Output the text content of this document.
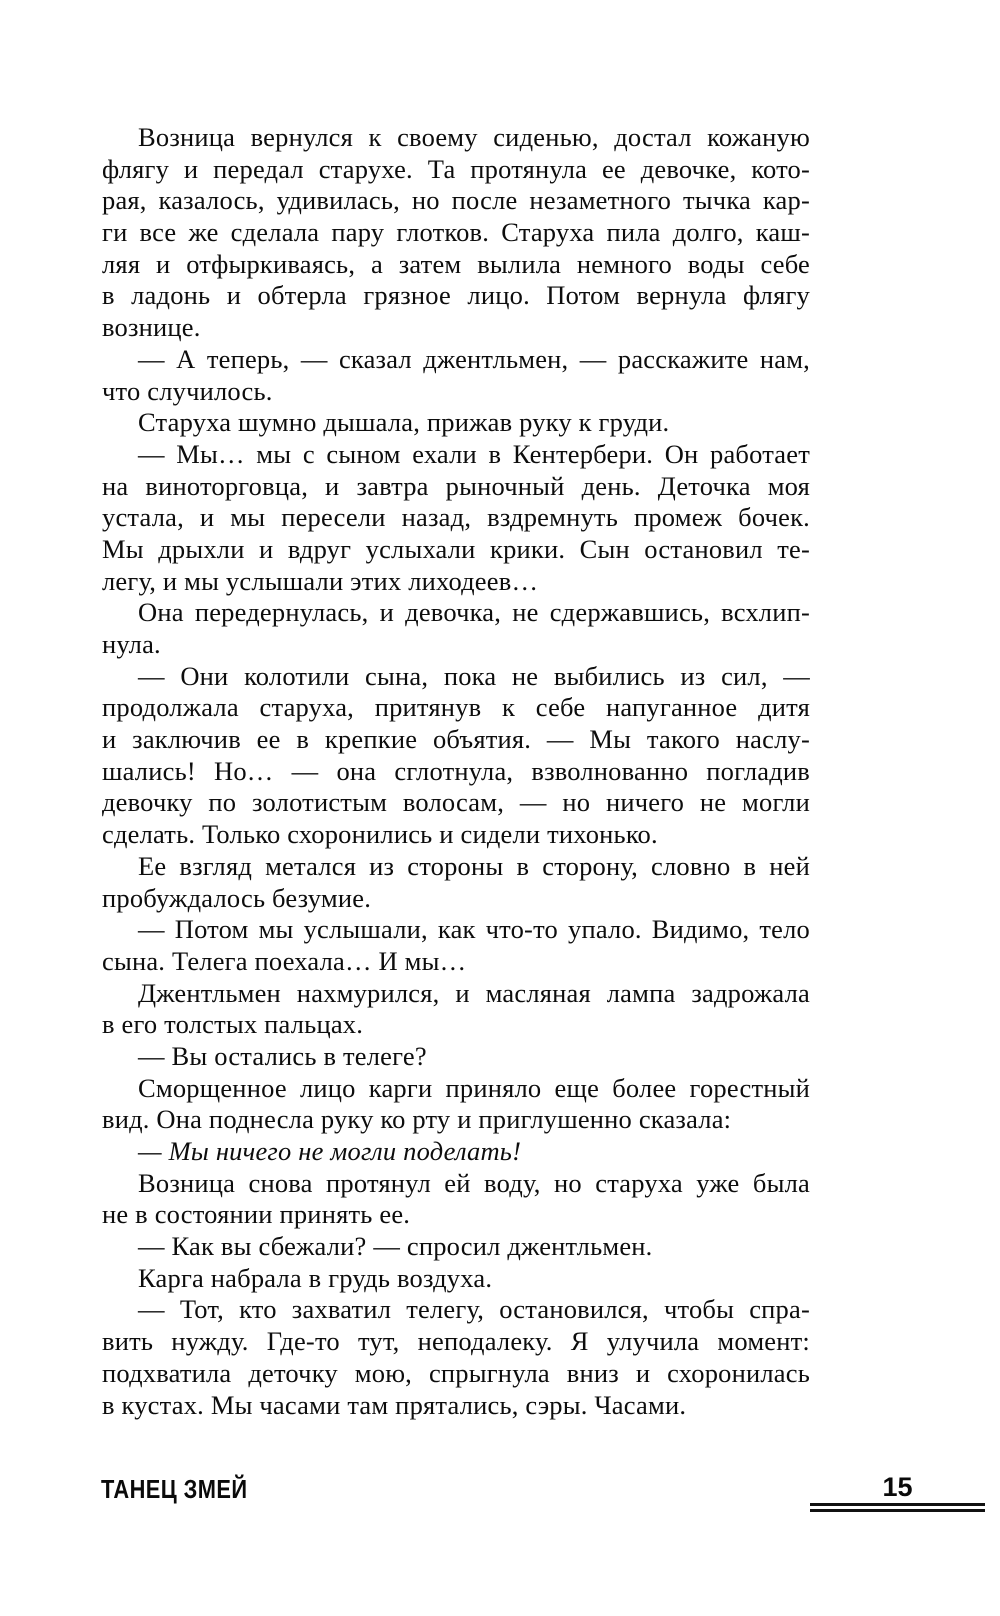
Возница вернулся к своему сиденью, достал кожаную
флягу и передал старухе. Та протянула ее девочке, кото-
рая, казалось, удивилась, но после незаметного тычка кар-
ги все же сделала пару глотков. Старуха пила долго, каш-
ляя и отфыркиваясь, а затем вылила немного воды себе
в ладонь и обтерла грязное лицо. Потом вернула флягу
вознице.
— А теперь, — сказал джентльмен, — расскажите нам,
что случилось.
Старуха шумно дышала, прижав руку к груди.
— Мы… мы с сыном ехали в Кентербери. Он работает
на виноторговца, и завтра рыночный день. Деточка моя
устала, и мы пересели назад, вздремнуть промеж бочек.
Мы дрыхли и вдруг услыхали крики. Сын остановил те-
легу, и мы услышали этих лиходеев…
Она передернулась, и девочка, не сдержавшись, всхлип-
нула.
— Они колотили сына, пока не выбились из сил, —
продолжала старуха, притянув к себе напуганное дитя
и заключив ее в крепкие объятия. — Мы такого наслу-
шались! Но… — она сглотнула, взволнованно погладив
девочку по золотистым волосам, — но ничего не могли
сделать. Только схоронились и сидели тихонько.
Ее взгляд метался из стороны в сторону, словно в ней
пробуждалось безумие.
— Потом мы услышали, как что-то упало. Видимо, тело
сына. Телега поехала… И мы…
Джентльмен нахмурился, и масляная лампа задрожала
в его толстых пальцах.
— Вы остались в телеге?
Сморщенное лицо карги приняло еще более горестный
вид. Она поднесла руку ко рту и приглушенно сказала:
— Мы ничего не могли поделать!
Возница снова протянул ей воду, но старуха уже была
не в состоянии принять ее.
— Как вы сбежали? — спросил джентльмен.
Карга набрала в грудь воздуха.
— Тот, кто захватил телегу, остановился, чтобы спра-
вить нужду. Где-то тут, неподалеку. Я улучила момент:
подхватила деточку мою, спрыгнула вниз и схоронилась
в кустах. Мы часами там прятались, сэры. Часами.
ТАНЕЦ ЗМЕЙ	15
